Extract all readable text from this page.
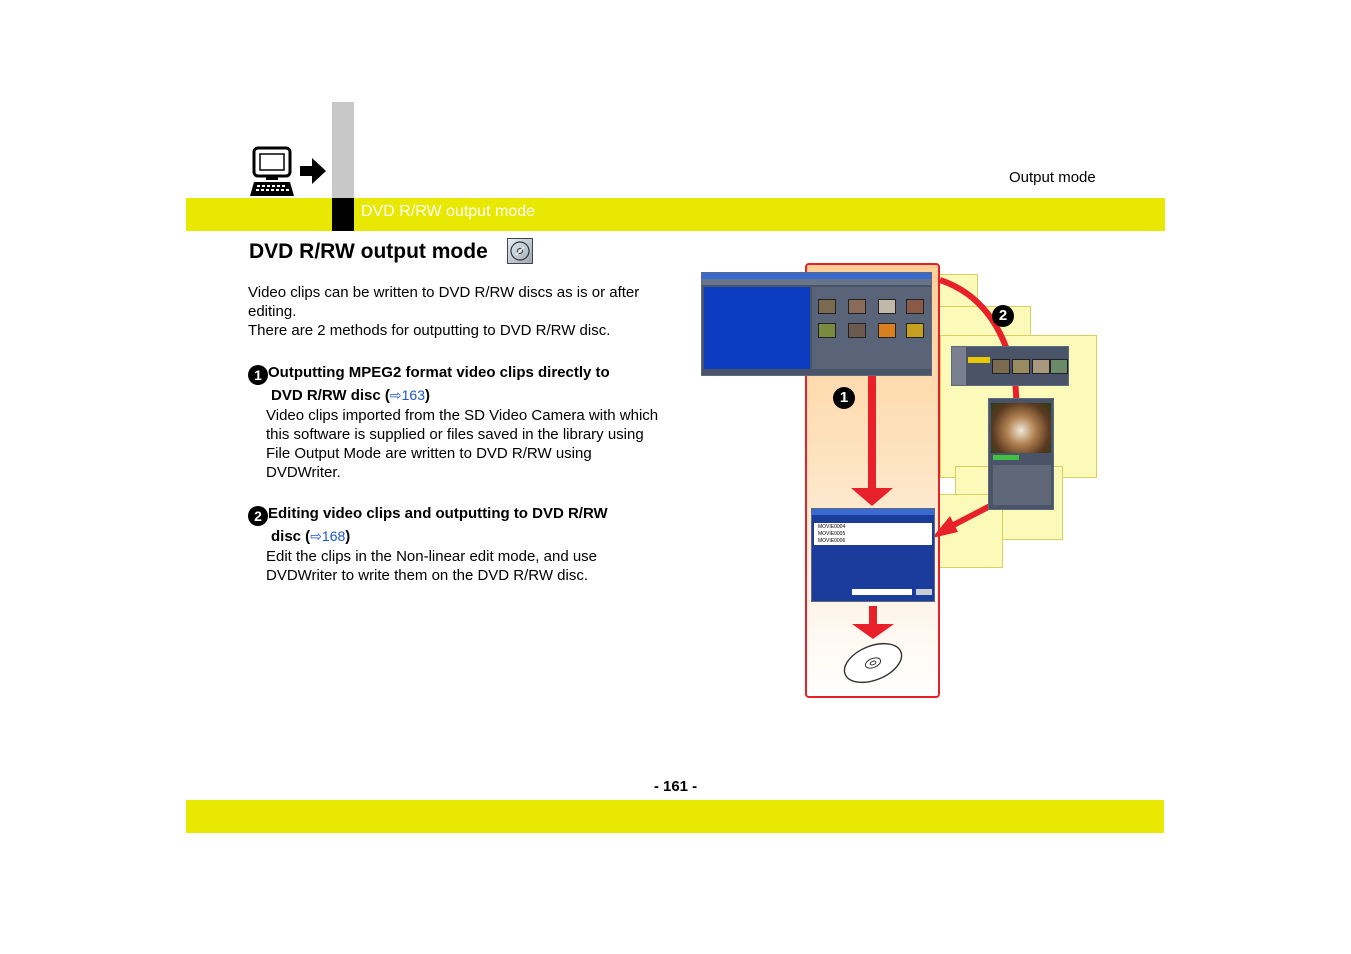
Output mode
DVD R/RW output mode
DVD R/RW output mode

Video clips can be written to DVD R/RW discs as is or after editing.

There are 2 methods for outputting to DVD R/RW disc.

1 Outputting MPEG2 format video clips directly to
DVD R/RW disc (⇨163)
Video clips imported from the SD Video Camera with which this software is supplied or files saved in the library using File Output Mode are written to DVD R/RW using DVDWriter.
2 Editing video clips and outputting to DVD R/RW
disc (⇨168)
Edit the clips in the Non-linear edit mode, and use DVDWriter to write them on the DVD R/RW disc.
MOVIE0004
MOVIE0005
MOVIE0006
1
2
- 161 -
